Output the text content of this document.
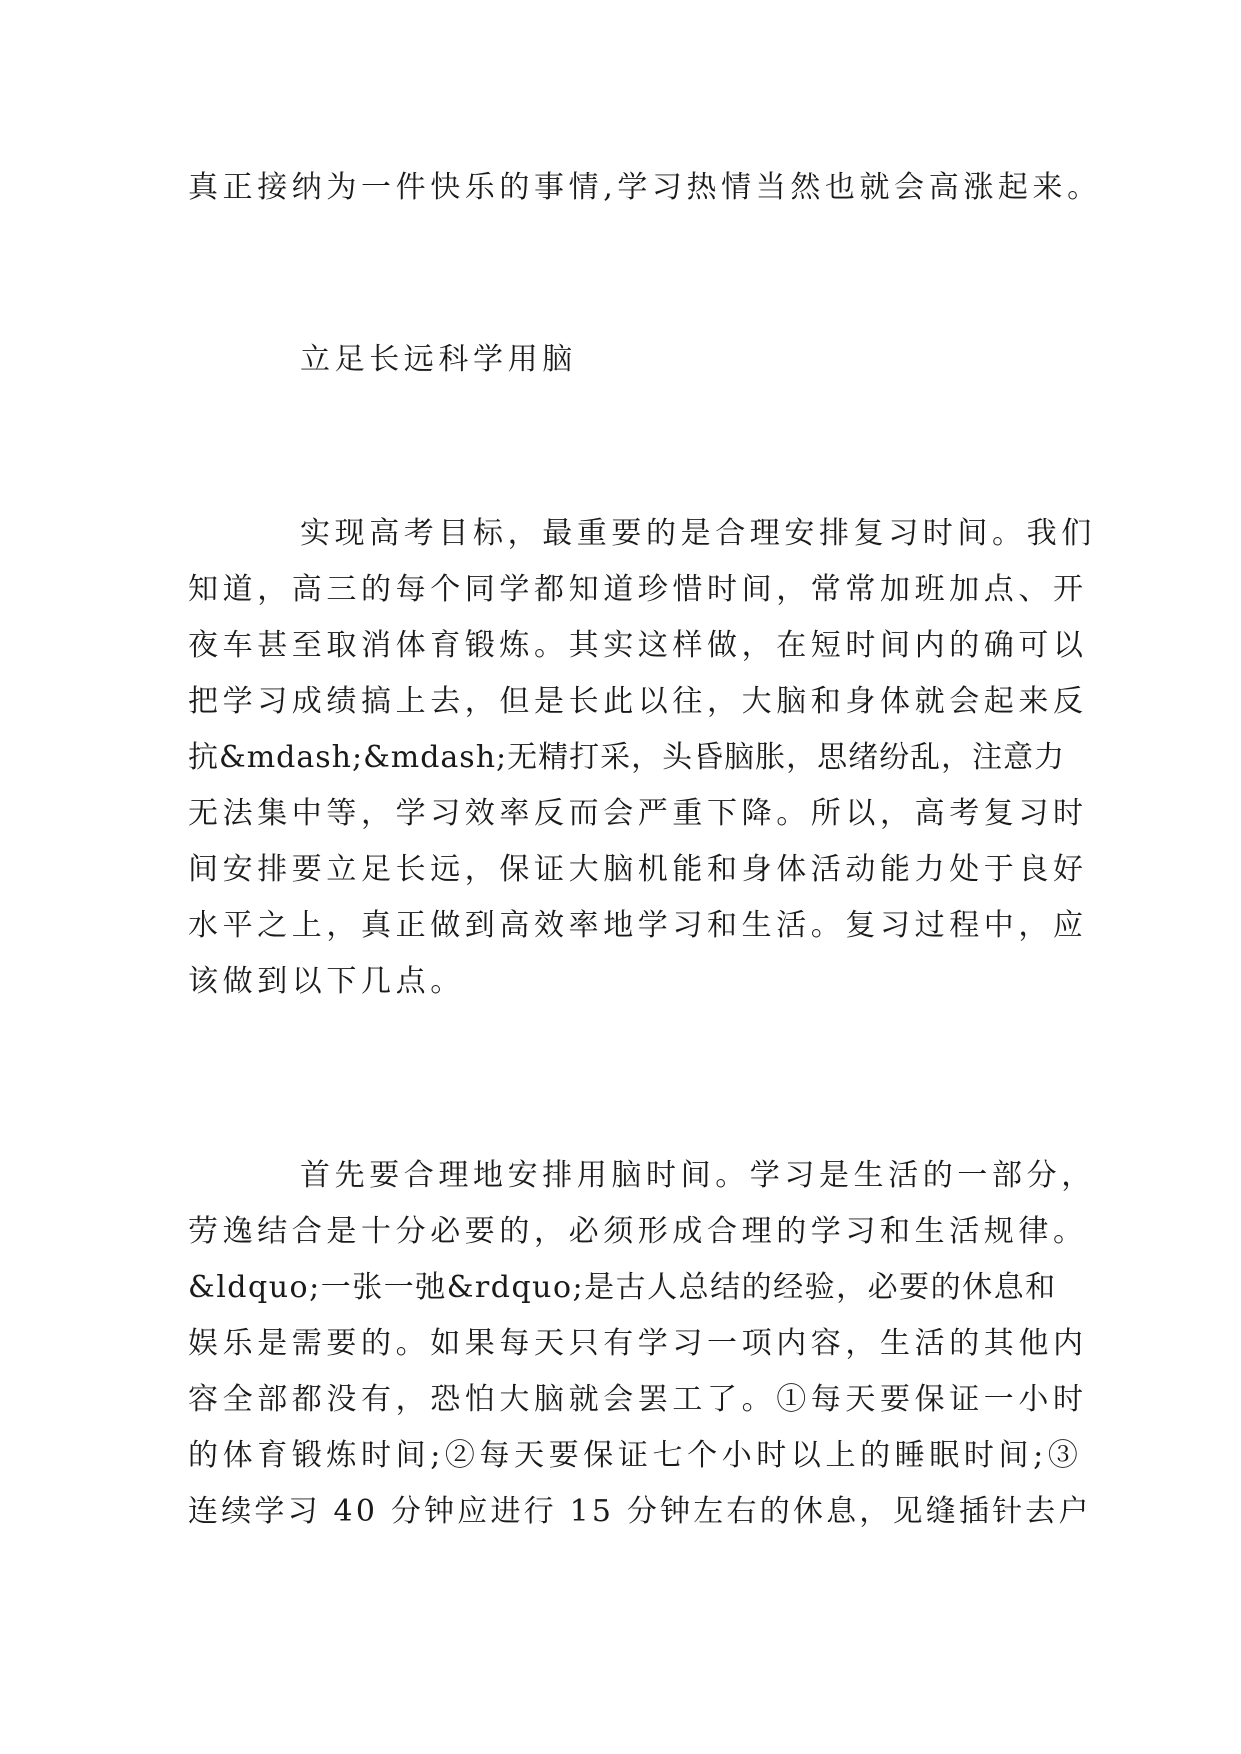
真正接纳为一件快乐的事情,学习热情当然也就会高涨起来。
立足长远科学用脑
实现高考目标，最重要的是合理安排复习时间。我们
知道，高三的每个同学都知道珍惜时间，常常加班加点、开
夜车甚至取消体育锻炼。其实这样做，在短时间内的确可以
把学习成绩搞上去，但是长此以往，大脑和身体就会起来反
抗&mdash;&mdash;无精打采，头昏脑胀，思绪纷乱，注意力
无法集中等，学习效率反而会严重下降。所以，高考复习时
间安排要立足长远，保证大脑机能和身体活动能力处于良好
水平之上，真正做到高效率地学习和生活。复习过程中，应
该做到以下几点。
首先要合理地安排用脑时间。学习是生活的一部分，
劳逸结合是十分必要的，必须形成合理的学习和生活规律。
&ldquo;一张一弛&rdquo;是古人总结的经验，必要的休息和
娱乐是需要的。如果每天只有学习一项内容，生活的其他内
容全部都没有，恐怕大脑就会罢工了。①每天要保证一小时
的体育锻炼时间;②每天要保证七个小时以上的睡眠时间;③
连续学习 40 分钟应进行 15 分钟左右的休息，见缝插针去户
